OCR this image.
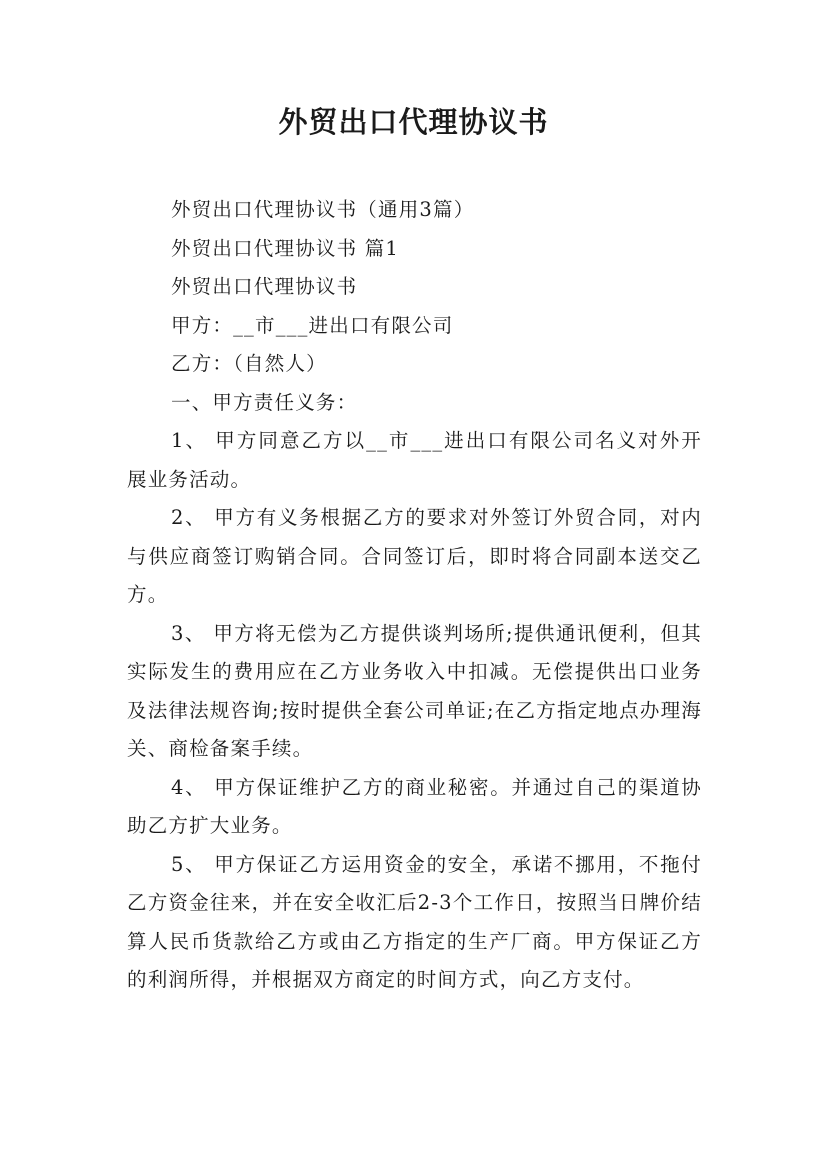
外贸出口代理协议书

外贸出口代理协议书（通用3篇）

外贸出口代理协议书 篇1

外贸出口代理协议书

甲方：__市___进出口有限公司

乙方：（自然人）

一、甲方责任义务：

1、 甲方同意乙方以__市___进出口有限公司名义对外开展业务活动。

2、 甲方有义务根据乙方的要求对外签订外贸合同，对内与供应商签订购销合同。合同签订后，即时将合同副本送交乙方。

3、 甲方将无偿为乙方提供谈判场所;提供通讯便利，但其实际发生的费用应在乙方业务收入中扣减。无偿提供出口业务及法律法规咨询;按时提供全套公司单证;在乙方指定地点办理海关、商检备案手续。

4、 甲方保证维护乙方的商业秘密。并通过自己的渠道协助乙方扩大业务。

5、 甲方保证乙方运用资金的安全，承诺不挪用，不拖付乙方资金往来，并在安全收汇后2-3个工作日，按照当日牌价结算人民币货款给乙方或由乙方指定的生产厂商。甲方保证乙方的利润所得，并根据双方商定的时间方式，向乙方支付。
